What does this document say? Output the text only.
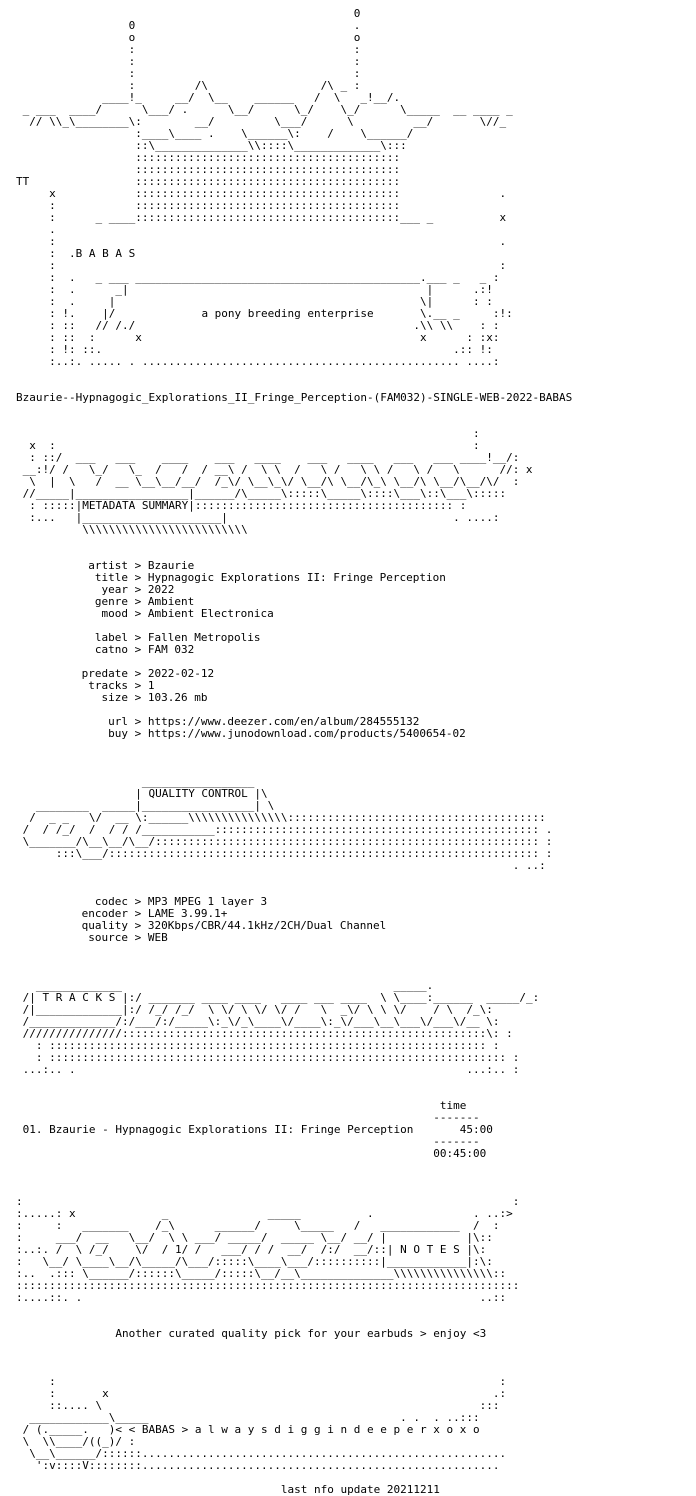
0
0                                 .
o                                 o
:                                 :
:                                 :
:                                 :
:         /\                 /\ _ :
____!_     __/  \__    ______   /  \   _!__/.
_ ___  ____/      \___/ .      \__/      \_/    \_/      \_____  __ ____ _
// \\_\________\:        __/         \___/      \         __/       \//_
:____\____ .    \______\:    /    \______/
::\______________\\::::\_____________\:::
::::::::::::::::::::::::::::::::::::::::
::::::::::::::::::::::::::::::::::::::::
TT                ::::::::::::::::::::::::::::::::::::::::
x            ::::::::::::::::::::::::::::::::::::::::               .
:            ::::::::::::::::::::::::::::::::::::::::
:      _ ____::::::::::::::::::::::::::::::::::::::::___ _          x
.
:                                                                   .
:  .B A B A S
:                                                                   :
:  .   _ ___ ___________________________________________.___ _   _ :
:  .      _|                                             |      .:!
:  .     |                                              \|      : :
: !.    |/	a pony breeding enterprise	\.__ _     :!:
: ::   // /./                                          .\\ \\    : :
: ::  :      x                                          x      : :x:
: !: ::.                                                     .:: !:
:..:. ..... . ................................................ ....:

Bzaurie--Hypnagogic_Explorations_II_Fringe_Perception-(FAM032)-SINGLE-WEB-2022-BABAS

:
x  :                                                               :
: ::/  ___   ___    ____    ___   ____    ___   ____   ___   ___ ____!__/:
__:!/ /   \_/   \_  /   /  / __\ /  \ \  /   \ /   \ \ /   \ /   \      //: x
\  |  \   /  __ \__\__/__/  /_\/ \__\_\/ \__/\ \__/\_\ \__/\ \__/\__/\/  :
//_____|_________________|______/\_____\:::::\_____\::::\___\::\___\:::::
: :::::|METADATA SUMMARY|::::::::::::::::::::::::::::::::::::::: :
:...   |_____________________|                                  . ....:
\\\\\\\\\\\\\\\\\\\\\\\\\

artist > Bzaurie
title > Hypnagogic Explorations II: Fringe Perception
year > 2022
genre > Ambient
mood > Ambient Electronica

label > Fallen Metropolis
catno > FAM 032

predate > 2022-02-12
tracks > 1
size > 103.26 mb

url > https://www.deezer.com/en/album/284555132
buy > https://www.junodownload.com/products/5400654-02

_________________
| QUALITY CONTROL |\
________  _____|_________________| \
/  _ _   \/  __ \:______\\\\\\\\\\\\\\\:::::::::::::::::::::::::::::::::::::::
/  / /_/  /  / / /___________::::::::::::::::::::::::::::::::::::::::::::::::: .
\_______/\__\__/\__/:::::::::::::::::::::::::::::::::::::::::::::::::::::::::: :
:::\___/::::::::::::::::::::::::::::::::::::::::::::::::::::::::::::::::: :
. ..:

codec > MP3 MPEG 1 layer 3
encoder > LAME 3.99.1+
quality > 320Kbps/CBR/44.1kHz/2CH/Dual Channel
source > WEB

_____________                                         _____.
/| T R A C K S |:/ _______ ____ ____   ____ ___ ____  \ \____:______  _____/_:
/|_____________|:/ /_/ /_/  \ \/ \ \/ \/ /   \  _\/ \ \ \/    / \  /_\:
/_____________/:/___/:/_____\:_\/_\____\/____\:_\/___\__\___\/___\/__ \:
///////////////:::::::::::::::::::::::::::::::::::::::::::::::::::::::\: :
: :::::::::::::::::::::::::::::::::::::::::::::::::::::::::::::::::: :
: ::::::::::::::::::::::::::::::::::::::::::::::::::::::::::::::::::::: :
...:.. .                                                           ...:.. :

time
-------
01. Bzaurie - Hypnagogic Explorations II: Fringe Perception	45:00
-------
00:45:00

:                                                                          :
:.....: x             _               _____          .               . ..:>
:     :   _______    /_\      ______/     \_____   /   ____________  /  :
:     ___/  __   \__/  \ \ ___/ _____/  _____ \__/ __/ |            |\::
:..:. /  \ /_/    \/  / 1/ /   ___/ / /  __/  /:/  __/::| N O T E S |\:
:   \__/ \____\__/\_____/\___/:::::\____\___/::::::::::|____________|:\:
:..  .::: \______/::::::\_____/:::::\__/__\______________\\\\\\\\\\\\\\\::
::::::::::::::::::::::::::::::::::::::::::::::::::::::::::::::::::::::::::::
:....::. .                                                            ..::

Another curated quality pick for your earbuds > enjoy <3

:                                                                   :
:       x                                                          .:
::.... \                                                         :::
____________\_____                                      . .  . ..:::
/ (._____.   )< < BABAS > a l w a y s d i g g i n d e e p e r x o x o
\  \\____/((_)/ :
\__\______/::::::.......................................................
':v::::V::::::::......................................................

last nfo update 20211211
